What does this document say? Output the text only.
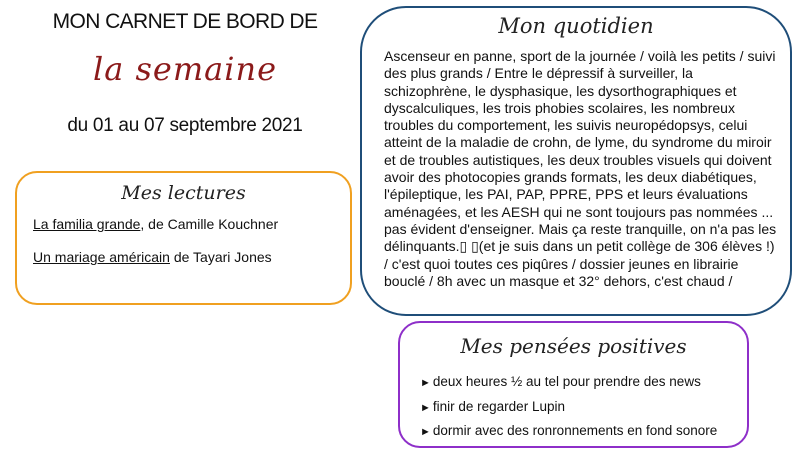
MON CARNET DE BORD DE
la semaine
du 01 au 07 septembre 2021
Mes lectures
La familia grande, de Camille Kouchner
Un mariage américain de Tayari Jones
Mon quotidien
Ascenseur en panne, sport de la journée / voilà les petits / suivi des plus grands / Entre le dépressif à surveiller, la schizophrène, le dysphasique, les dysorthographiques et dyscalculiques, les trois phobies scolaires, les nombreux troubles du comportement, les suivis neuropédopsys, celui atteint de la maladie de crohn, de lyme, du syndrome du miroir et de troubles autistiques, les deux troubles visuels qui doivent avoir des photocopies grands formats, les deux diabétiques, l'épileptique, les PAI, PAP, PPRE, PPS et leurs évaluations aménagées, et les AESH qui ne sont toujours pas nommées ... pas évident d'enseigner. Mais ça reste tranquille, on n'a pas les délinquants.▯ ▯(et je suis dans un petit collège de 306 élèves !) / c'est quoi toutes ces piqûres / dossier jeunes en librairie bouclé / 8h avec un masque et 32° dehors, c'est chaud /
Mes pensées positives
► deux heures ½ au tel pour prendre des news
► finir de regarder Lupin
► dormir avec des ronronnements en fond sonore
